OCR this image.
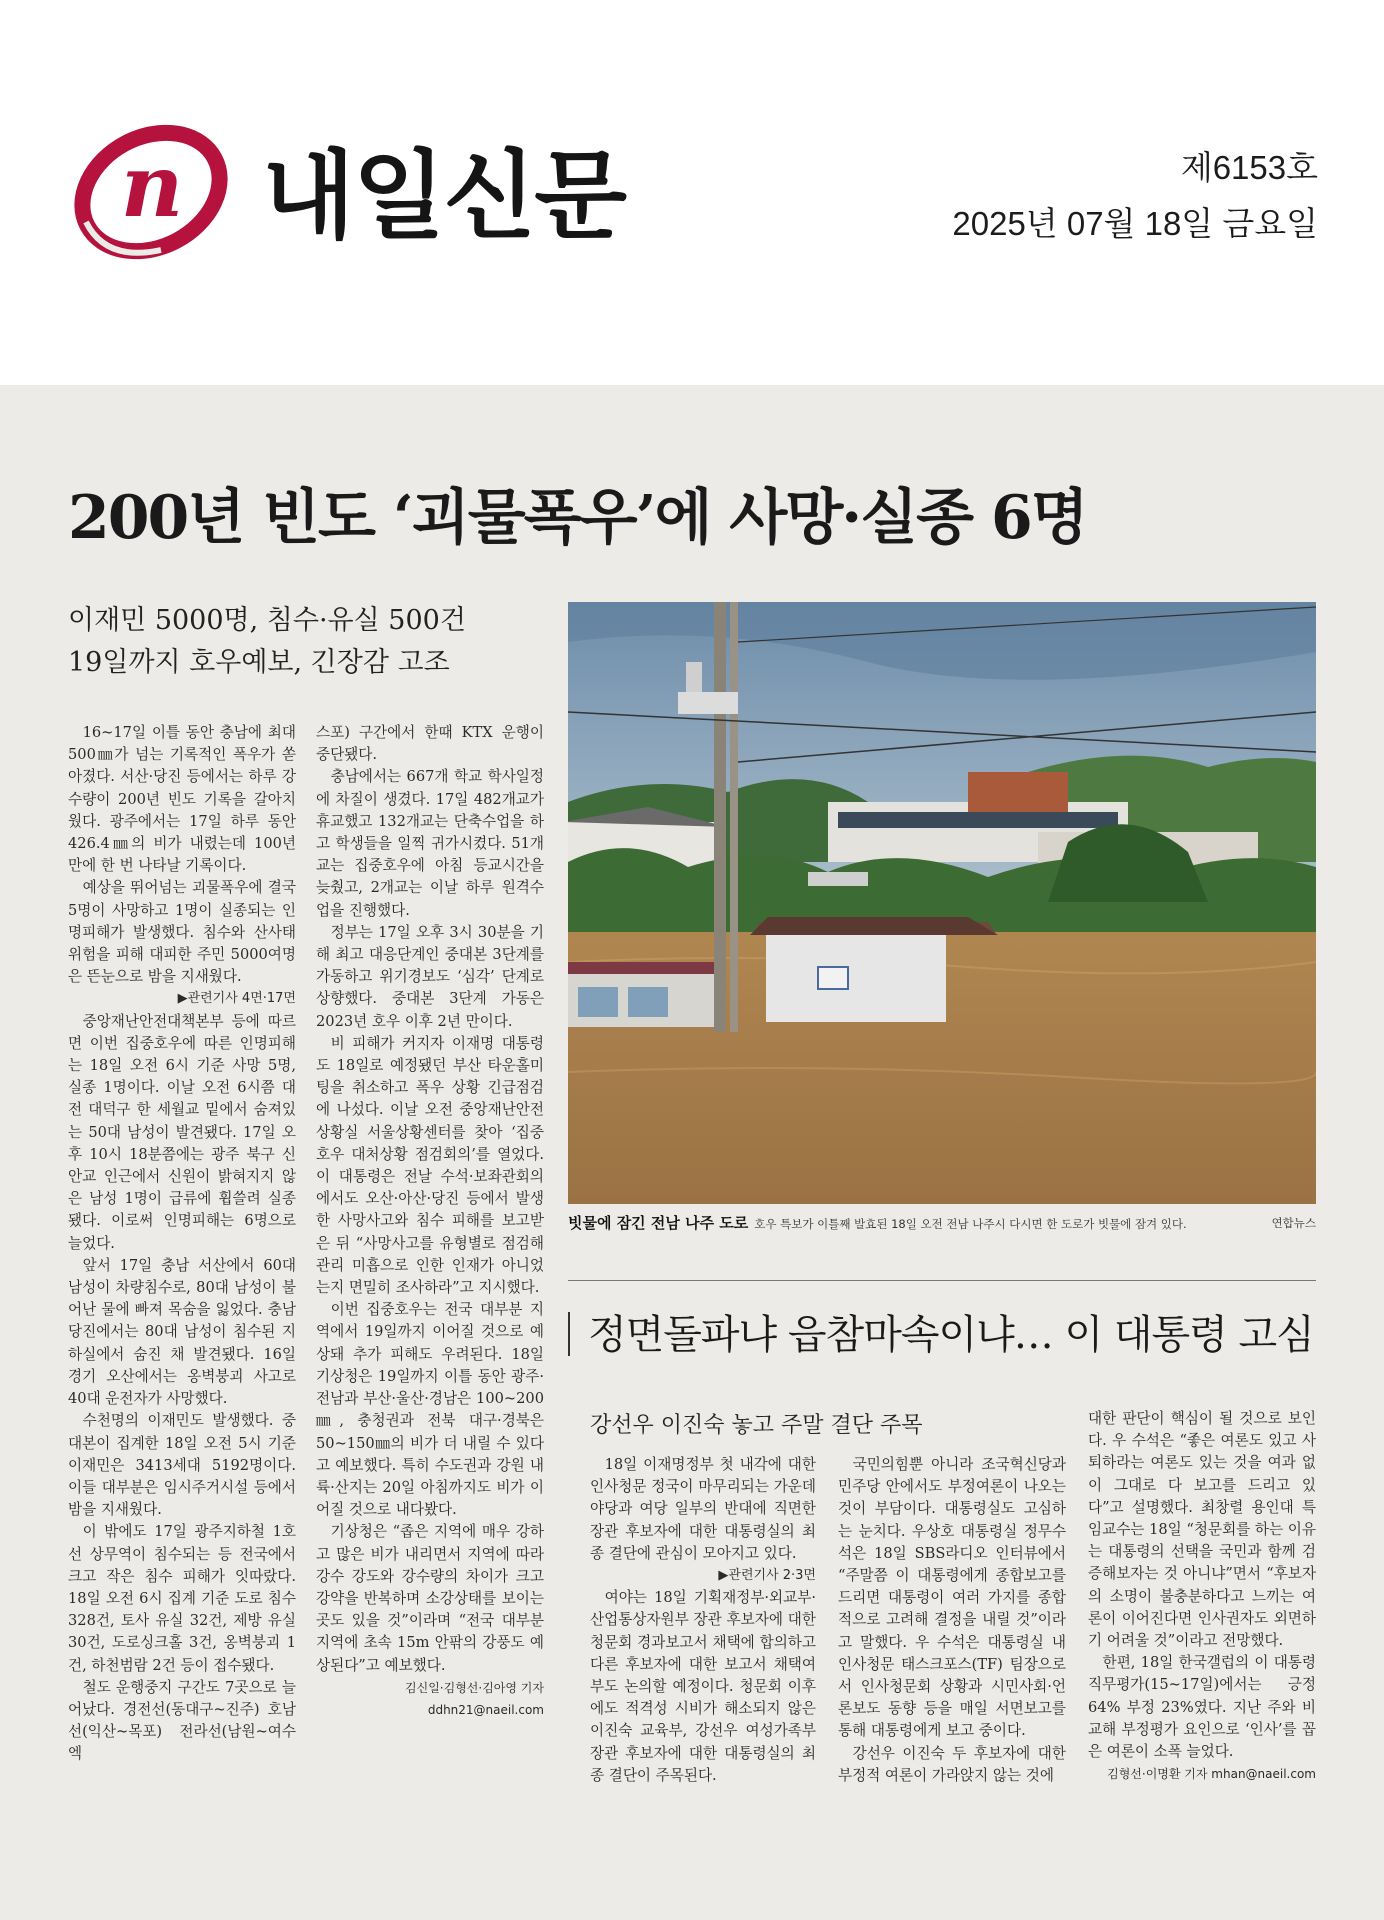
n 내일신문	제6153호
2025년 07월 18일 금요일
200년 빈도 ‘괴물폭우’에 사망·실종 6명
이재민 5000명, 침수·유실 500건
19일까지 호우예보, 긴장감 고조

16~17일 이틀 동안 충남에 최대 500㎜가 넘는 기록적인 폭우가 쏟아졌다. 서산·당진 등에서는 하루 강수량이 200년 빈도 기록을 갈아치웠다. 광주에서는 17일 하루 동안 426.4㎜의 비가 내렸는데 100년 만에 한 번 나타날 기록이다.

예상을 뛰어넘는 괴물폭우에 결국 5명이 사망하고 1명이 실종되는 인명피해가 발생했다. 침수와 산사태 위험을 피해 대피한 주민 5000여명은 뜬눈으로 밤을 지새웠다.

▶관련기사 4면·17면

중앙재난안전대책본부 등에 따르면 이번 집중호우에 따른 인명피해는 18일 오전 6시 기준 사망 5명, 실종 1명이다. 이날 오전 6시쯤 대전 대덕구 한 세월교 밑에서 숨져있는 50대 남성이 발견됐다. 17일 오후 10시 18분쯤에는 광주 북구 신안교 인근에서 신원이 밝혀지지 않은 남성 1명이 급류에 휩쓸려 실종됐다. 이로써 인명피해는 6명으로 늘었다.

앞서 17일 충남 서산에서 60대 남성이 차량침수로, 80대 남성이 불어난 물에 빠져 목숨을 잃었다. 충남 당진에서는 80대 남성이 침수된 지하실에서 숨진 채 발견됐다. 16일 경기 오산에서는 옹벽붕괴 사고로 40대 운전자가 사망했다.

수천명의 이재민도 발생했다. 중대본이 집계한 18일 오전 5시 기준 이재민은 3413세대 5192명이다. 이들 대부분은 임시주거시설 등에서 밤을 지새웠다.

이 밖에도 17일 광주지하철 1호선 상무역이 침수되는 등 전국에서 크고 작은 침수 피해가 잇따랐다. 18일 오전 6시 집계 기준 도로 침수 328건, 토사 유실 32건, 제방 유실 30건, 도로싱크홀 3건, 옹벽붕괴 1건, 하천범람 2건 등이 접수됐다.

철도 운행중지 구간도 7곳으로 늘어났다. 경전선(동대구~진주) 호남선(익산~목포) 전라선(남원~여수엑

스포) 구간에서 한때 KTX 운행이 중단됐다.

충남에서는 667개 학교 학사일정에 차질이 생겼다. 17일 482개교가 휴교했고 132개교는 단축수업을 하고 학생들을 일찍 귀가시켰다. 51개교는 집중호우에 아침 등교시간을 늦췄고, 2개교는 이날 하루 원격수업을 진행했다.

정부는 17일 오후 3시 30분을 기해 최고 대응단계인 중대본 3단계를 가동하고 위기경보도 ‘심각’ 단계로 상향했다. 중대본 3단계 가동은 2023년 호우 이후 2년 만이다.

비 피해가 커지자 이재명 대통령도 18일로 예정됐던 부산 타운홀미팅을 취소하고 폭우 상황 긴급점검에 나섰다. 이날 오전 중앙재난안전상황실 서울상황센터를 찾아 ‘집중호우 대처상황 점검회의’를 열었다. 이 대통령은 전날 수석·보좌관회의에서도 오산·아산·당진 등에서 발생한 사망사고와 침수 피해를 보고받은 뒤 “사망사고를 유형별로 점검해 관리 미흡으로 인한 인재가 아니었는지 면밀히 조사하라”고 지시했다.

이번 집중호우는 전국 대부분 지역에서 19일까지 이어질 것으로 예상돼 추가 피해도 우려된다. 18일 기상청은 19일까지 이틀 동안 광주·전남과 부산·울산·경남은 100~200㎜, 충청권과 전북 대구·경북은 50~150㎜의 비가 더 내릴 수 있다고 예보했다. 특히 수도권과 강원 내륙·산지는 20일 아침까지도 비가 이어질 것으로 내다봤다.

기상청은 “좁은 지역에 매우 강하고 많은 비가 내리면서 지역에 따라 강수 강도와 강수량의 차이가 크고 강약을 반복하며 소강상태를 보이는 곳도 있을 것”이라며 “전국 대부분 지역에 초속 15m 안팎의 강풍도 예상된다”고 예보했다.

김신일·김형선·김아영 기자

ddhn21@naeil.com

빗물에 잠긴 전남 나주 도로 호우 특보가 이틀째 발효된 18일 오전 전남 나주시 다시면 한 도로가 빗물에 잠겨 있다.	연합뉴스
정면돌파냐 읍참마속이냐… 이 대통령 고심
강선우 이진숙 놓고 주말 결단 주목

18일 이재명정부 첫 내각에 대한 인사청문 정국이 마무리되는 가운데 야당과 여당 일부의 반대에 직면한 장관 후보자에 대한 대통령실의 최종 결단에 관심이 모아지고 있다.

▶관련기사 2·3면

여야는 18일 기획재정부·외교부·산업통상자원부 장관 후보자에 대한 청문회 경과보고서 채택에 합의하고 다른 후보자에 대한 보고서 채택여부도 논의할 예정이다. 청문회 이후에도 적격성 시비가 해소되지 않은 이진숙 교육부, 강선우 여성가족부 장관 후보자에 대한 대통령실의 최종 결단이 주목된다.

국민의힘뿐 아니라 조국혁신당과 민주당 안에서도 부정여론이 나오는 것이 부담이다. 대통령실도 고심하는 눈치다. 우상호 대통령실 정무수석은 18일 SBS라디오 인터뷰에서 “주말쯤 이 대통령에게 종합보고를 드리면 대통령이 여러 가지를 종합적으로 고려해 결정을 내릴 것”이라고 말했다. 우 수석은 대통령실 내 인사청문 태스크포스(TF) 팀장으로서 인사청문회 상황과 시민사회·언론보도 동향 등을 매일 서면보고를 통해 대통령에게 보고 중이다.

강선우 이진숙 두 후보자에 대한 부정적 여론이 가라앉지 않는 것에

대한 판단이 핵심이 될 것으로 보인다. 우 수석은 “좋은 여론도 있고 사퇴하라는 여론도 있는 것을 여과 없이 그대로 다 보고를 드리고 있다”고 설명했다. 최창렬 용인대 특임교수는 18일 “청문회를 하는 이유는 대통령의 선택을 국민과 함께 검증해보자는 것 아니냐”면서 “후보자의 소명이 불충분하다고 느끼는 여론이 이어진다면 인사권자도 외면하기 어려울 것”이라고 전망했다.

한편, 18일 한국갤럽의 이 대통령 직무평가(15~17일)에서는 긍정 64% 부정 23%였다. 지난 주와 비교해 부정평가 요인으로 ‘인사’를 꼽은 여론이 소폭 늘었다.

김형선·이명환 기자 mhan@naeil.com
